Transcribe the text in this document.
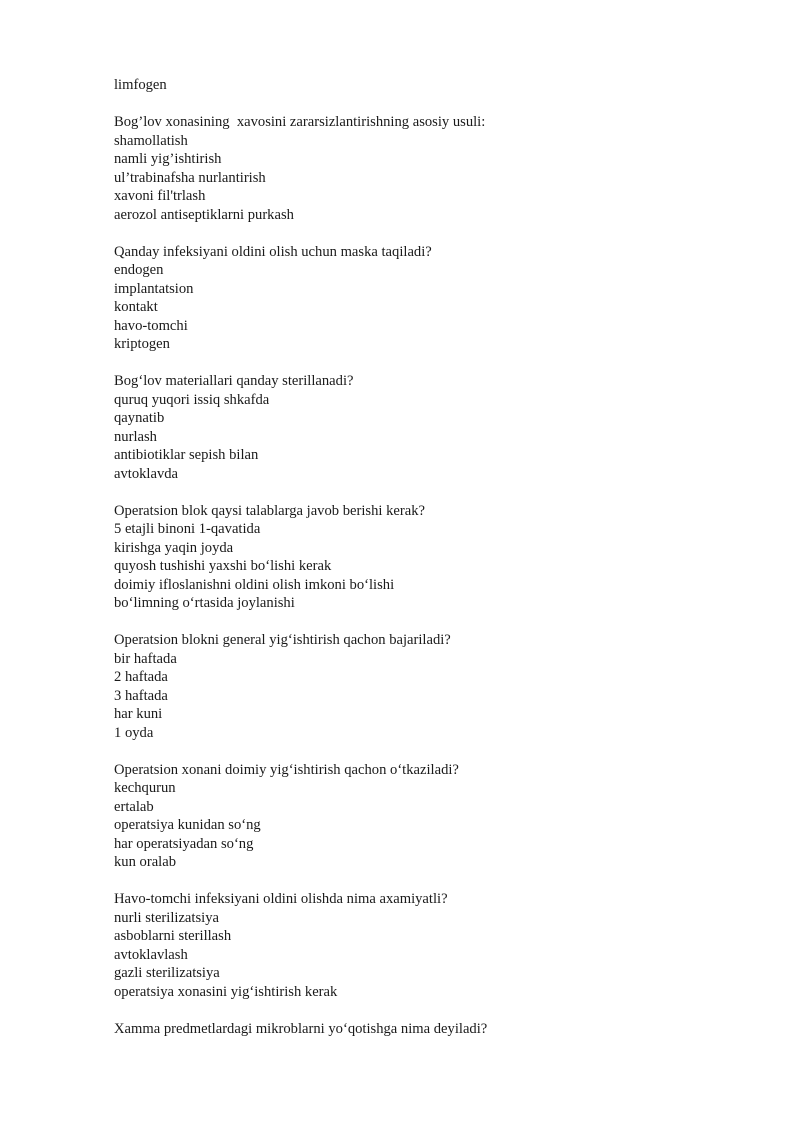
limfogen

Bog’lov xonasining  xavosini zararsizlantirishning asosiy usuli:

shamollatish

namli yig’ishtirish

ul’trabinafsha nurlantirish

xavoni fil'trlash

aerozol antiseptiklarni purkash

Qanday infeksiyani oldini olish uchun maska taqiladi?

endogen

implantatsion

kontakt

havo-tomchi

kriptogen

Bog‘lov materiallari qanday sterillanadi?

quruq yuqori issiq shkafda

qaynatib

nurlash

antibiotiklar sepish bilan

avtoklavda

Operatsion blok qaysi talablarga javob berishi kerak?

5 etajli binoni 1-qavatida

kirishga yaqin joyda

quyosh tushishi yaxshi bo‘lishi kerak

doimiy ifloslanishni oldini olish imkoni bo‘lishi

bo‘limning o‘rtasida joylanishi

Operatsion blokni general yig‘ishtirish qachon bajariladi?

bir haftada

2 haftada

3 haftada

har kuni

1 oyda

Operatsion xonani doimiy yig‘ishtirish qachon o‘tkaziladi?

kechqurun

ertalab

operatsiya kunidan so‘ng

har operatsiyadan so‘ng

kun oralab

Havo-tomchi infeksiyani oldini olishda nima axamiyatli?

nurli sterilizatsiya

asboblarni sterillash

avtoklavlash

gazli sterilizatsiya

operatsiya xonasini yig‘ishtirish kerak

Xamma predmetlardagi mikroblarni yo‘qotishga nima deyiladi?
